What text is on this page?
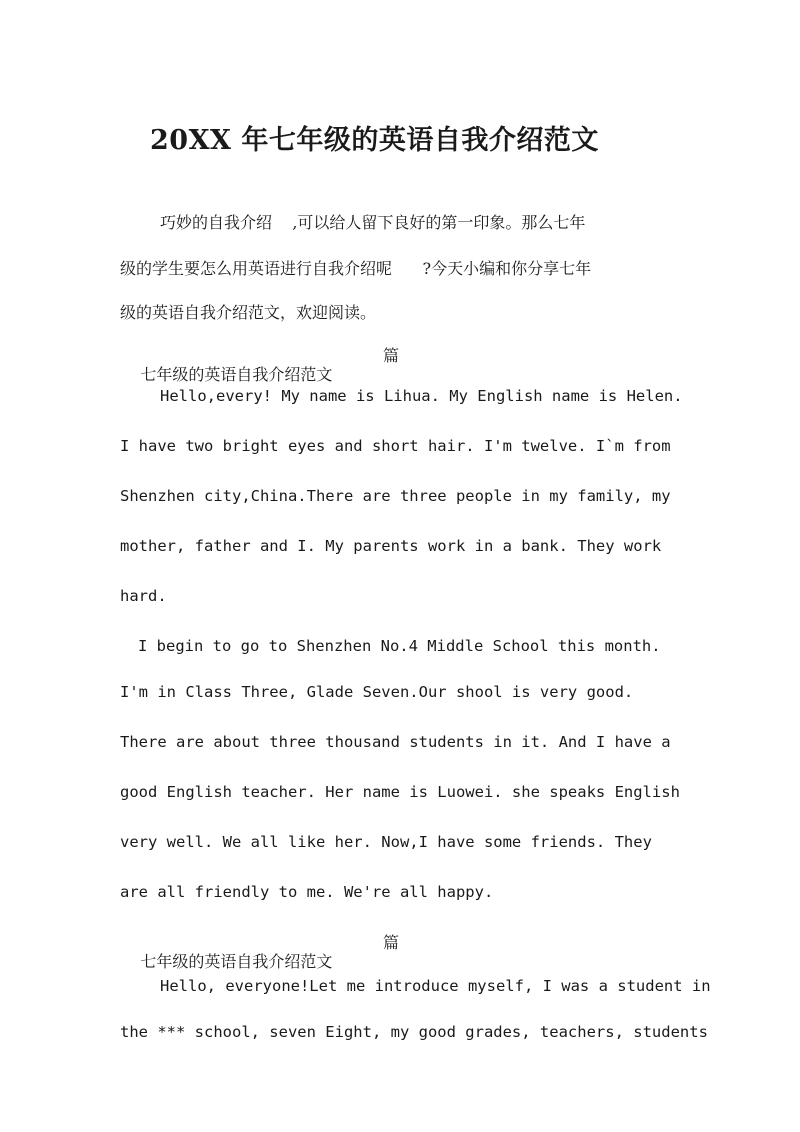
20XX 年七年级的英语自我介绍范文

巧妙的自我介绍    ,可以给人留下良好的第一印象。那么七年

级的学生要怎么用英语进行自我介绍呢      ?今天小编和你分享七年

级的英语自我介绍范文，欢迎阅读。

七年级的英语自我介绍范文

篇

Hello,every! My name is Lihua. My English name is Helen.

I have two bright eyes and short hair. I'm twelve. I`m from

Shenzhen city,China.There are three people in my family, my

mother, father and I. My parents work in a bank. They work

hard.

I begin to go to Shenzhen No.4 Middle School this month.

I'm in Class Three, Glade Seven.Our shool is very good.

There are about three thousand students in it. And I have a

good English teacher. Her name is Luowei. she speaks English

very well. We all like her. Now,I have some friends. They

are all friendly to me. We're all happy.

七年级的英语自我介绍范文

篇

Hello, everyone!Let me introduce myself, I was a student in

the *** school, seven Eight, my good grades, teachers, students
